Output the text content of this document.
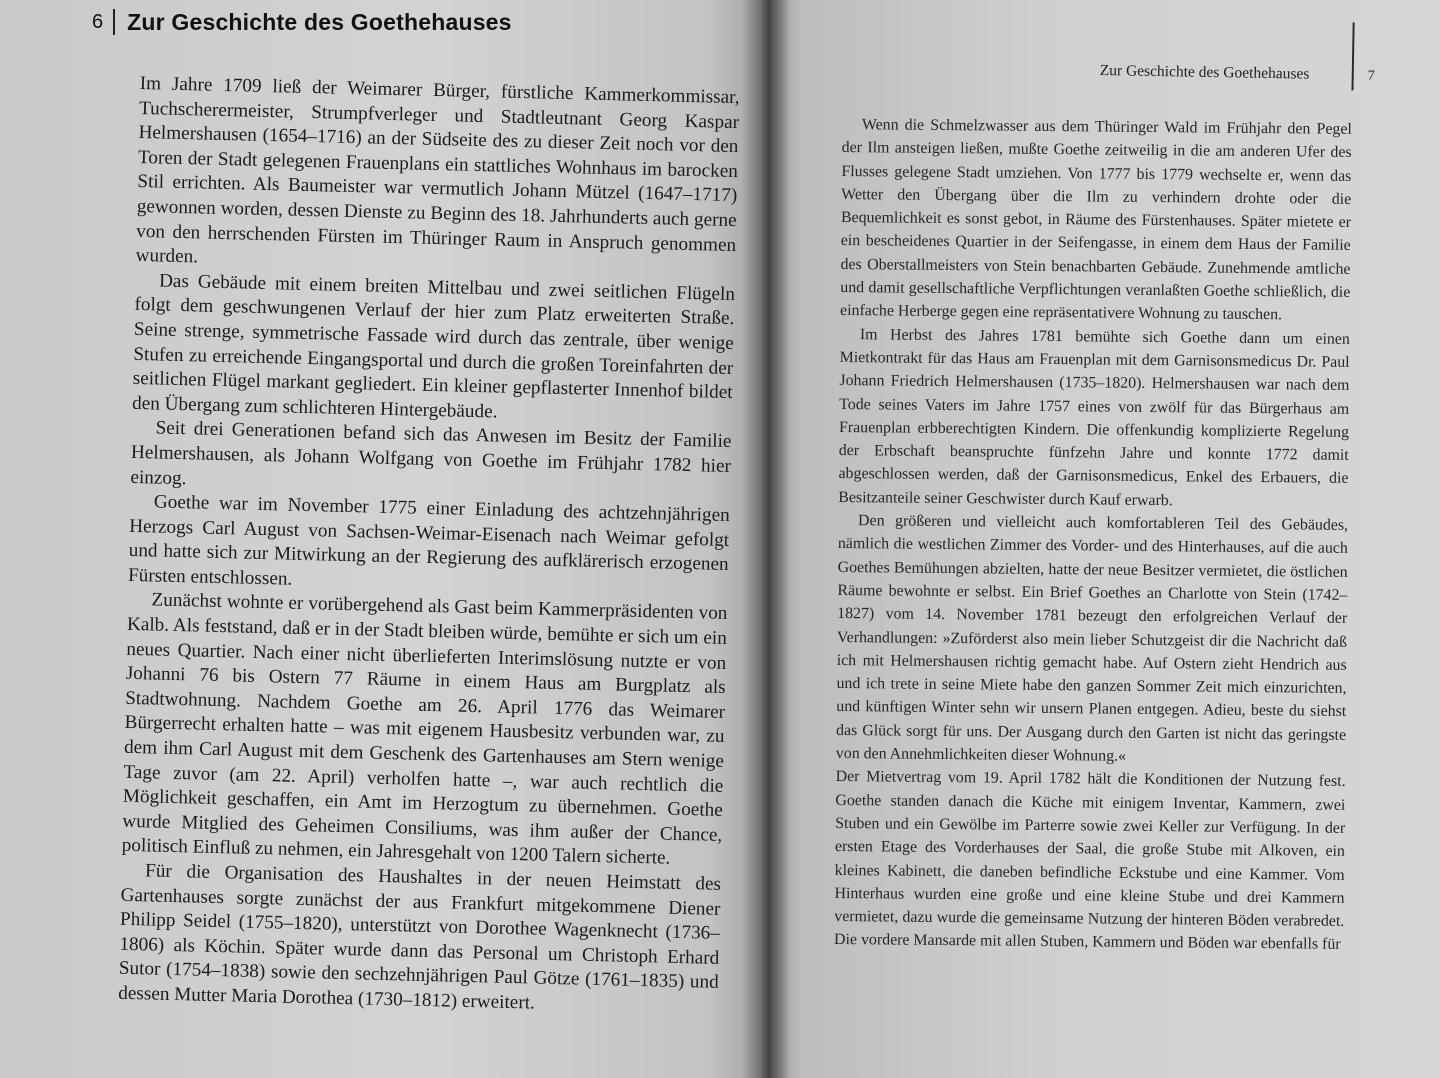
6 Zur Geschichte des Goethehauses

Im Jahre 1709 ließ der Weimarer Bürger, fürstliche Kammerkommissar, Tuchscherermeister, Strumpfverleger und Stadtleutnant Georg Kaspar Helmershausen (1654–1716) an der Südseite des zu dieser Zeit noch vor den Toren der Stadt gelegenen Frauenplans ein stattliches Wohnhaus im barocken Stil errichten. Als Baumeister war vermutlich Johann Mützel (1647–1717) gewonnen worden, dessen Dienste zu Beginn des 18. Jahrhunderts auch gerne von den herrschenden Fürsten im Thüringer Raum in Anspruch genommen wurden.

Das Gebäude mit einem breiten Mittelbau und zwei seitlichen Flügeln folgt dem geschwungenen Verlauf der hier zum Platz erweiterten Straße. Seine strenge, symmetrische Fassade wird durch das zentrale, über wenige Stufen zu erreichende Eingangsportal und durch die großen Toreinfahrten der seitlichen Flügel markant gegliedert. Ein kleiner gepflasterter Innenhof bildet den Übergang zum schlichteren Hintergebäude.

Seit drei Generationen befand sich das Anwesen im Besitz der Familie Helmershausen, als Johann Wolfgang von Goethe im Frühjahr 1782 hier einzog.

Goethe war im November 1775 einer Einladung des achtzehnjährigen Herzogs Carl August von Sachsen-Weimar-Eisenach nach Weimar gefolgt und hatte sich zur Mitwirkung an der Regierung des aufklärerisch erzogenen Fürsten entschlossen.

Zunächst wohnte er vorübergehend als Gast beim Kammerpräsidenten von Kalb. Als feststand, daß er in der Stadt bleiben würde, bemühte er sich um ein neues Quartier. Nach einer nicht überlieferten Interimslösung nutzte er von Johanni 76 bis Ostern 77 Räume in einem Haus am Burgplatz als Stadtwohnung. Nachdem Goethe am 26. April 1776 das Weimarer Bürgerrecht erhalten hatte – was mit eigenem Hausbesitz verbunden war, zu dem ihm Carl August mit dem Geschenk des Gartenhauses am Stern wenige Tage zuvor (am 22. April) verholfen hatte –, war auch rechtlich die Möglichkeit geschaffen, ein Amt im Herzogtum zu übernehmen. Goethe wurde Mitglied des Geheimen Consiliums, was ihm außer der Chance, politisch Einfluß zu nehmen, ein Jahresgehalt von 1200 Talern sicherte.

Für die Organisation des Haushaltes in der neuen Heimstatt des Gartenhauses sorgte zunächst der aus Frankfurt mitgekommene Diener Philipp Seidel (1755–1820), unterstützt von Dorothee Wagenknecht (1736–1806) als Köchin. Später wurde dann das Personal um Christoph Erhard Sutor (1754–1838) sowie den sechzehnjährigen Paul Götze (1761–1835) und dessen Mutter Maria Dorothea (1730–1812) erweitert.

Zur Geschichte des Goethehauses	7

Wenn die Schmelzwasser aus dem Thüringer Wald im Frühjahr den Pegel der Ilm ansteigen ließen, mußte Goethe zeitweilig in die am anderen Ufer des Flusses gelegene Stadt umziehen. Von 1777 bis 1779 wechselte er, wenn das Wetter den Übergang über die Ilm zu verhindern drohte oder die Bequemlichkeit es sonst gebot, in Räume des Fürstenhauses. Später mietete er ein bescheidenes Quartier in der Seifengasse, in einem dem Haus der Familie des Oberstallmeisters von Stein benachbarten Gebäude. Zunehmende amtliche und damit gesellschaftliche Verpflichtungen veranlaßten Goethe schließlich, die einfache Herberge gegen eine repräsentativere Wohnung zu tauschen.

Im Herbst des Jahres 1781 bemühte sich Goethe dann um einen Mietkontrakt für das Haus am Frauenplan mit dem Garnisonsmedicus Dr. Paul Johann Friedrich Helmershausen (1735–1820). Helmershausen war nach dem Tode seines Vaters im Jahre 1757 eines von zwölf für das Bürgerhaus am Frauenplan erbberechtigten Kindern. Die offenkundig komplizierte Regelung der Erbschaft beanspruchte fünfzehn Jahre und konnte 1772 damit abgeschlossen werden, daß der Garnisonsmedicus, Enkel des Erbauers, die Besitzanteile seiner Geschwister durch Kauf erwarb.

Den größeren und vielleicht auch komfortableren Teil des Gebäudes, nämlich die westlichen Zimmer des Vorder- und des Hinterhauses, auf die auch Goethes Bemühungen abzielten, hatte der neue Besitzer vermietet, die östlichen Räume bewohnte er selbst. Ein Brief Goethes an Charlotte von Stein (1742–1827) vom 14. November 1781 bezeugt den erfolgreichen Verlauf der Verhandlungen: »Zuförderst also mein lieber Schutzgeist dir die Nachricht daß ich mit Helmershausen richtig gemacht habe. Auf Ostern zieht Hendrich aus und ich trete in seine Miete habe den ganzen Sommer Zeit mich einzurichten, und künftigen Winter sehn wir unsern Planen entgegen. Adieu, beste du siehst das Glück sorgt für uns. Der Ausgang durch den Garten ist nicht das geringste von den Annehmlichkeiten dieser Wohnung.«

Der Mietvertrag vom 19. April 1782 hält die Konditionen der Nutzung fest. Goethe standen danach die Küche mit einigem Inventar, Kammern, zwei Stuben und ein Gewölbe im Parterre sowie zwei Keller zur Verfügung. In der ersten Etage des Vorderhauses der Saal, die große Stube mit Alkoven, ein kleines Kabinett, die daneben befindliche Eckstube und eine Kammer. Vom Hinterhaus wurden eine große und eine kleine Stube und drei Kammern vermietet, dazu wurde die gemeinsame Nutzung der hinteren Böden verabredet. Die vordere Mansarde mit allen Stuben, Kammern und Böden war ebenfalls für
